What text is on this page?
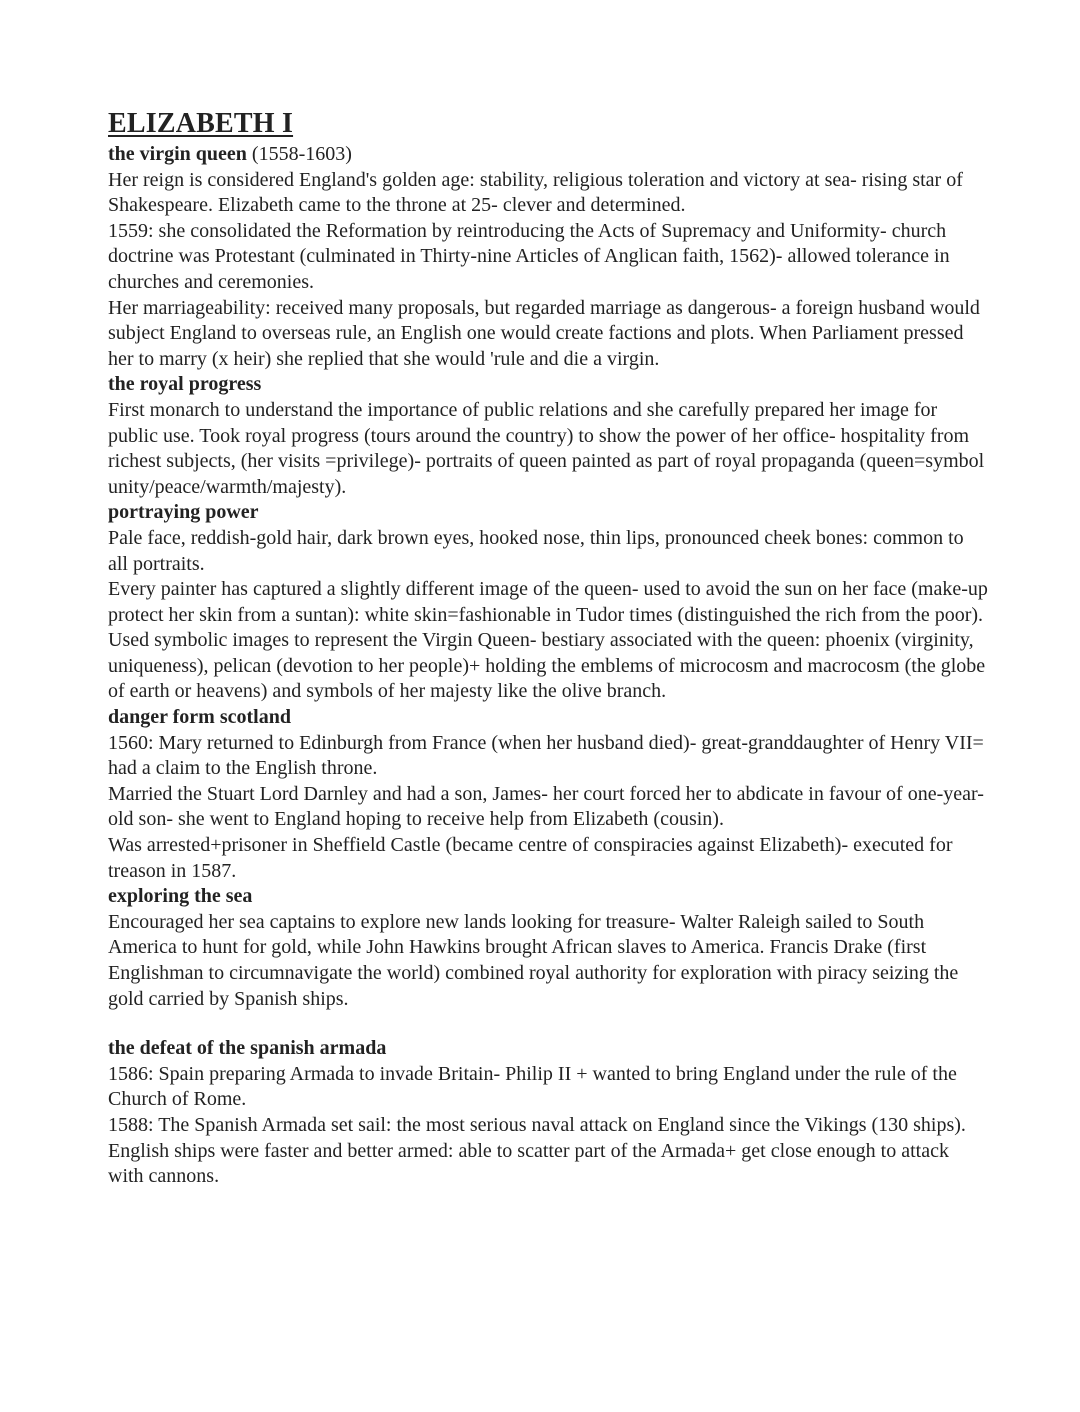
ELIZABETH I

the virgin queen (1558-1603)

Her reign is considered England's golden age: stability, religious toleration and victory at sea- rising star of Shakespeare. Elizabeth came to the throne at 25- clever and determined.

1559: she consolidated the Reformation by reintroducing the Acts of Supremacy and Uniformity- church doctrine was Protestant (culminated in Thirty-nine Articles of Anglican faith, 1562)- allowed tolerance in churches and ceremonies.

Her marriageability: received many proposals, but regarded marriage as dangerous- a foreign husband would subject England to overseas rule, an English one would create factions and plots. When Parliament pressed her to marry (x heir) she replied that she would 'rule and die a virgin.

the royal progress

First monarch to understand the importance of public relations and she carefully prepared her image for public use. Took royal progress (tours around the country) to show the power of her office- hospitality from richest subjects, (her visits =privilege)- portraits of queen painted as part of royal propaganda (queen=symbol unity/peace/warmth/majesty).

portraying power

Pale face, reddish-gold hair, dark brown eyes, hooked nose, thin lips, pronounced cheek bones: common to all portraits.

Every painter has captured a slightly different image of the queen- used to avoid the sun on her face (make-up protect her skin from a suntan): white skin=fashionable in Tudor times (distinguished the rich from the poor).

Used symbolic images to represent the Virgin Queen- bestiary associated with the queen: phoenix (virginity, uniqueness), pelican (devotion to her people)+ holding the emblems of microcosm and macrocosm (the globe of earth or heavens) and symbols of her majesty like the olive branch.

danger form scotland

1560: Mary returned to Edinburgh from France (when her husband died)- great-granddaughter of Henry VII= had a claim to the English throne.

Married the Stuart Lord Darnley and had a son, James- her court forced her to abdicate in favour of one-year-old son- she went to England hoping to receive help from Elizabeth (cousin).

Was arrested+prisoner in Sheffield Castle (became centre of conspiracies against Elizabeth)- executed for treason in 1587.

exploring the sea

Encouraged her sea captains to explore new lands looking for treasure- Walter Raleigh sailed to South America to hunt for gold, while John Hawkins brought African slaves to America. Francis Drake (first Englishman to circumnavigate the world) combined royal authority for exploration with piracy seizing the gold carried by Spanish ships.

the defeat of the spanish armada

1586: Spain preparing Armada to invade Britain- Philip II + wanted to bring England under the rule of the Church of Rome.

1588: The Spanish Armada set sail: the most serious naval attack on England since the Vikings (130 ships). English ships were faster and better armed: able to scatter part of the Armada+ get close enough to attack with cannons.
